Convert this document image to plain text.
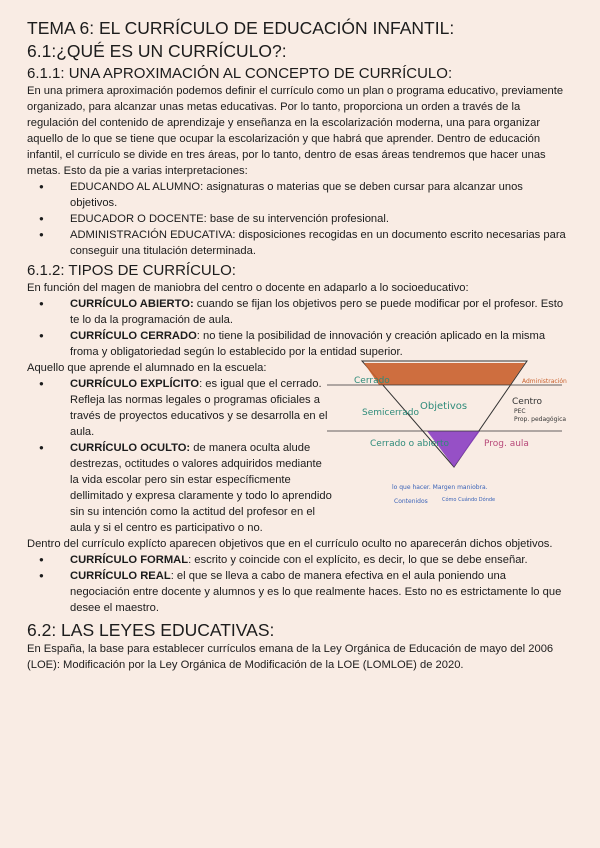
TEMA 6: EL CURRÍCULO DE EDUCACIÓN INFANTIL:
6.1:¿QUÉ ES UN CURRÍCULO?:
6.1.1: UNA APROXIMACIÓN AL CONCEPTO DE CURRÍCULO:

En una primera aproximación podemos definir el currículo como un plan o programa educativo, previamente organizado, para alcanzar unas metas educativas. Por lo tanto, proporciona un orden a través de la regulación del contenido de aprendizaje y enseñanza en la escolarización moderna, una para organizar aquello de lo que se tiene que ocupar la escolarización y que habrá que aprender. Dentro de educación infantil, el currículo se divide en tres áreas, por lo tanto, dentro de esas áreas tendremos que hacer unas metas. Esto da pie a varias interpretaciones:

● EDUCANDO AL ALUMNO: asignaturas o materias que se deben cursar para alcanzar unos objetivos.
● EDUCADOR O DOCENTE: base de su intervención profesional.
● ADMINISTRACIÓN EDUCATIVA: disposiciones recogidas en un documento escrito necesarias para conseguir una titulación determinada.
6.1.2: TIPOS DE CURRÍCULO:

En función del magen de maniobra del centro o docente en adaparlo a lo socioeducativo:

● CURRÍCULO ABIERTO: cuando se fijan los objetivos pero se puede modificar por el profesor. Esto te lo da la programación de aula.
● CURRÍCULO CERRADO: no tiene la posibilidad de innovación y creación aplicado en la misma froma y obligatoriedad según lo establecido por la entidad superior.

Aquello que aprende el alumnado en la escuela:

● CURRÍCULO EXPLÍCITO: es igual que el cerrado. Refleja las normas legales o programas oficiales a través de proyectos educativos y se desarrolla en el aula.
● CURRÍCULO OCULTO: de manera oculta alude destrezas, octitudes o valores adquiridos mediante la vida escolar pero sin estar específicmente dellimitado y expresa claramente y todo lo aprendido sin su intención como la actitud del profesor en el aula y si el centro es participativo o no.

Dentro del currículo explícto aparecen objetivos que en el currículo oculto no aparecerán dichos objetivos.

● CURRÍCULO FORMAL: escrito y coincide con el explícito, es decir, lo que se debe enseñar.
● CURRÍCULO REAL: el que se lleva a cabo de manera efectiva en el aula poniendo una negociación entre docente y alumnos y es lo que realmente haces. Esto no es estrictamente lo que desee el maestro.
6.2: LAS LEYES EDUCATIVAS:

En España, la base para establecer currículos emana de la Ley Orgánica de Educación de mayo del 2006 (LOE): Modificación por la Ley Orgánica de Modificación de la LOE (LOMLOE) de 2020.

Cerrado	Administración
Semicerrado
Objetivos	Centro
PEC
Prop. pedagógica
Cerrado o abierto	Prog. aula
lo que hacer. Margen maniobra.
Contenidos	Cómo Cuándo Dónde
